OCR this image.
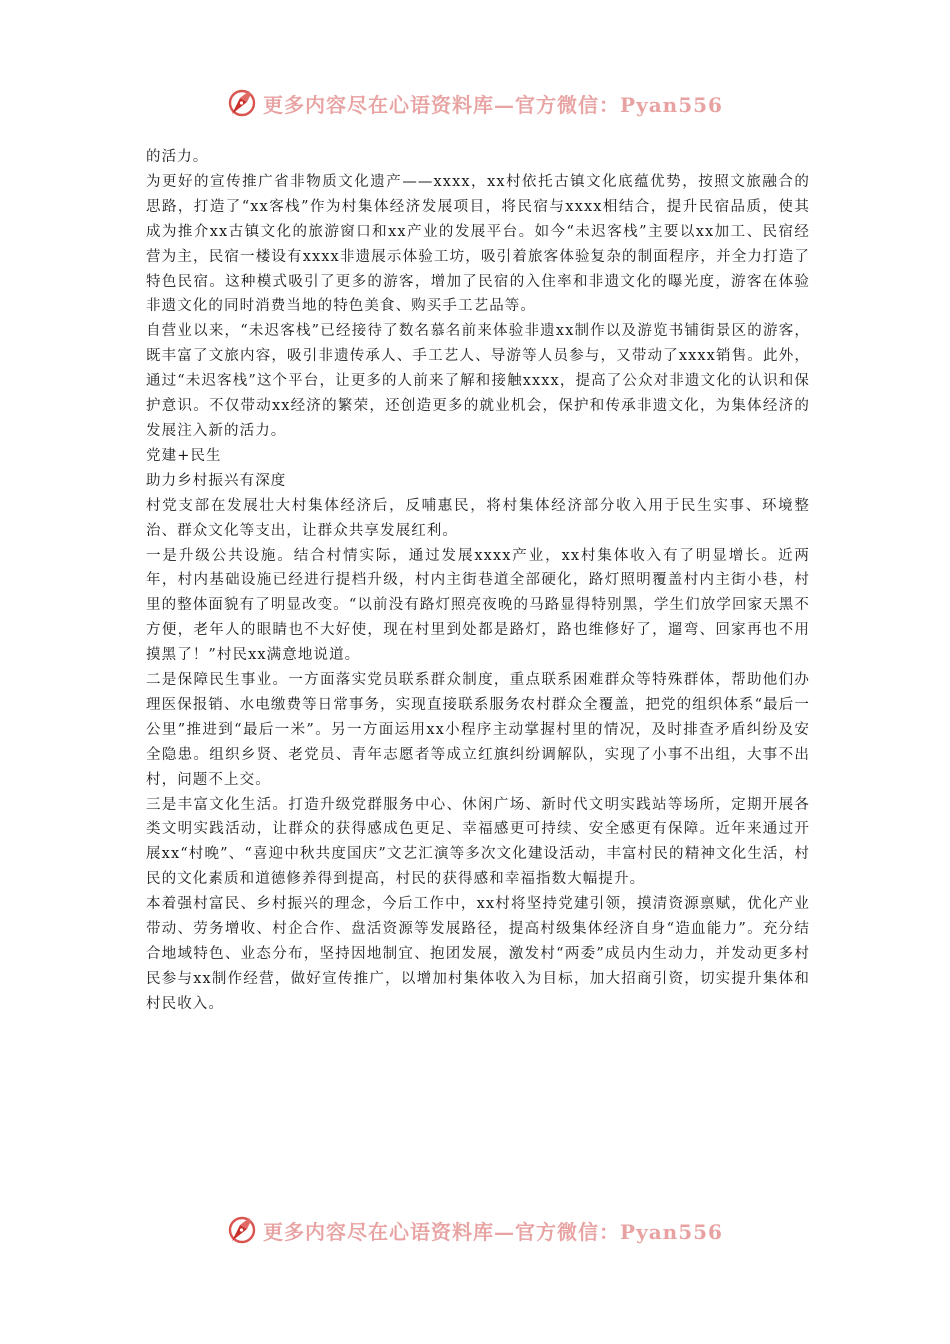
更多内容尽在心语资料库—官方微信：Pyan556

的活力。

为更好的宣传推广省非物质文化遗产——xxxx，xx村依托古镇文化底蕴优势，按照文旅融合的思路，打造了“xx客栈”作为村集体经济发展项目，将民宿与xxxx相结合，提升民宿品质，使其成为推介xx古镇文化的旅游窗口和xx产业的发展平台。如今“未迟客栈”主要以xx加工、民宿经营为主，民宿一楼设有xxxx非遗展示体验工坊，吸引着旅客体验复杂的制面程序，并全力打造了特色民宿。这种模式吸引了更多的游客，增加了民宿的入住率和非遗文化的曝光度，游客在体验非遗文化的同时消费当地的特色美食、购买手工艺品等。

自营业以来，“未迟客栈”已经接待了数名慕名前来体验非遗xx制作以及游览书铺街景区的游客，既丰富了文旅内容，吸引非遗传承人、手工艺人、导游等人员参与，又带动了xxxx销售。此外，通过“未迟客栈”这个平台，让更多的人前来了解和接触xxxx，提高了公众对非遗文化的认识和保护意识。不仅带动xx经济的繁荣，还创造更多的就业机会，保护和传承非遗文化，为集体经济的发展注入新的活力。

党建+民生

助力乡村振兴有深度

村党支部在发展壮大村集体经济后，反哺惠民，将村集体经济部分收入用于民生实事、环境整治、群众文化等支出，让群众共享发展红利。

一是升级公共设施。结合村情实际，通过发展xxxx产业，xx村集体收入有了明显增长。近两年，村内基础设施已经进行提档升级，村内主街巷道全部硬化，路灯照明覆盖村内主街小巷，村里的整体面貌有了明显改变。“以前没有路灯照亮夜晚的马路显得特别黑，学生们放学回家天黑不方便，老年人的眼睛也不大好使，现在村里到处都是路灯，路也维修好了，遛弯、回家再也不用摸黑了！”村民xx满意地说道。

二是保障民生事业。一方面落实党员联系群众制度，重点联系困难群众等特殊群体，帮助他们办理医保报销、水电缴费等日常事务，实现直接联系服务农村群众全覆盖，把党的组织体系“最后一公里”推进到“最后一米”。另一方面运用xx小程序主动掌握村里的情况，及时排查矛盾纠纷及安全隐患。组织乡贤、老党员、青年志愿者等成立红旗纠纷调解队，实现了小事不出组，大事不出村，问题不上交。

三是丰富文化生活。打造升级党群服务中心、休闲广场、新时代文明实践站等场所，定期开展各类文明实践活动，让群众的获得感成色更足、幸福感更可持续、安全感更有保障。近年来通过开展xx“村晚”、“喜迎中秋共度国庆”文艺汇演等多次文化建设活动，丰富村民的精神文化生活，村民的文化素质和道德修养得到提高，村民的获得感和幸福指数大幅提升。

本着强村富民、乡村振兴的理念，今后工作中，xx村将坚持党建引领，摸清资源禀赋，优化产业带动、劳务增收、村企合作、盘活资源等发展路径，提高村级集体经济自身“造血能力”。充分结合地域特色、业态分布，坚持因地制宜、抱团发展，激发村“两委”成员内生动力，并发动更多村民参与xx制作经营，做好宣传推广，以增加村集体收入为目标，加大招商引资，切实提升集体和村民收入。

更多内容尽在心语资料库—官方微信：Pyan556
